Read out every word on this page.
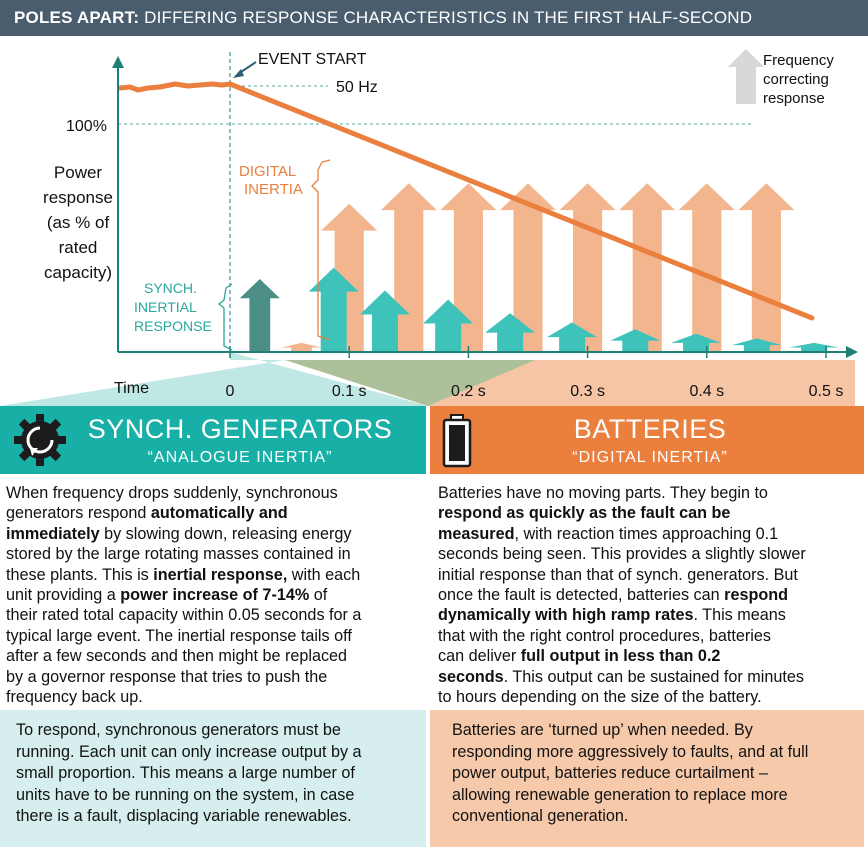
POLES APART: DIFFERING RESPONSE CHARACTERISTICS IN THE FIRST HALF-SECOND
0	0.1 s	0.2 s	0.3 s	0.4 s	0.5 s
Time
100%
Power
response
(as % of
rated
capacity)
EVENT START
50 Hz
DIGITAL
INERTIA
SYNCH.
INERTIAL
RESPONSE
Frequency
correcting
response
SYNCH. GENERATORS
“ANALOGUE INERTIA”
When frequency drops suddenly, synchronous
generators respond automatically and
immediately by slowing down, releasing energy
stored by the large rotating masses contained in
these plants. This is inertial response, with each
unit providing a power increase of 7-14% of
their rated total capacity within 0.05 seconds for a
typical large event. The inertial response tails off
after a few seconds and then might be replaced
by a governor response that tries to push the
frequency back up.
To respond, synchronous generators must be
running. Each unit can only increase output by a
small proportion. This means a large number of
units have to be running on the system, in case
there is a fault, displacing variable renewables.
BATTERIES
“DIGITAL INERTIA”
Batteries have no moving parts. They begin to
respond as quickly as the fault can be
measured, with reaction times approaching 0.1
seconds being seen. This provides a slightly slower
initial response than that of synch. generators. But
once the fault is detected, batteries can respond
dynamically with high ramp rates. This means
that with the right control procedures, batteries
can deliver full output in less than 0.2
seconds. This output can be sustained for minutes
to hours depending on the size of the battery.
Batteries are ‘turned up’ when needed. By
responding more aggressively to faults, and at full
power output, batteries reduce curtailment –
allowing renewable generation to replace more
conventional generation.
